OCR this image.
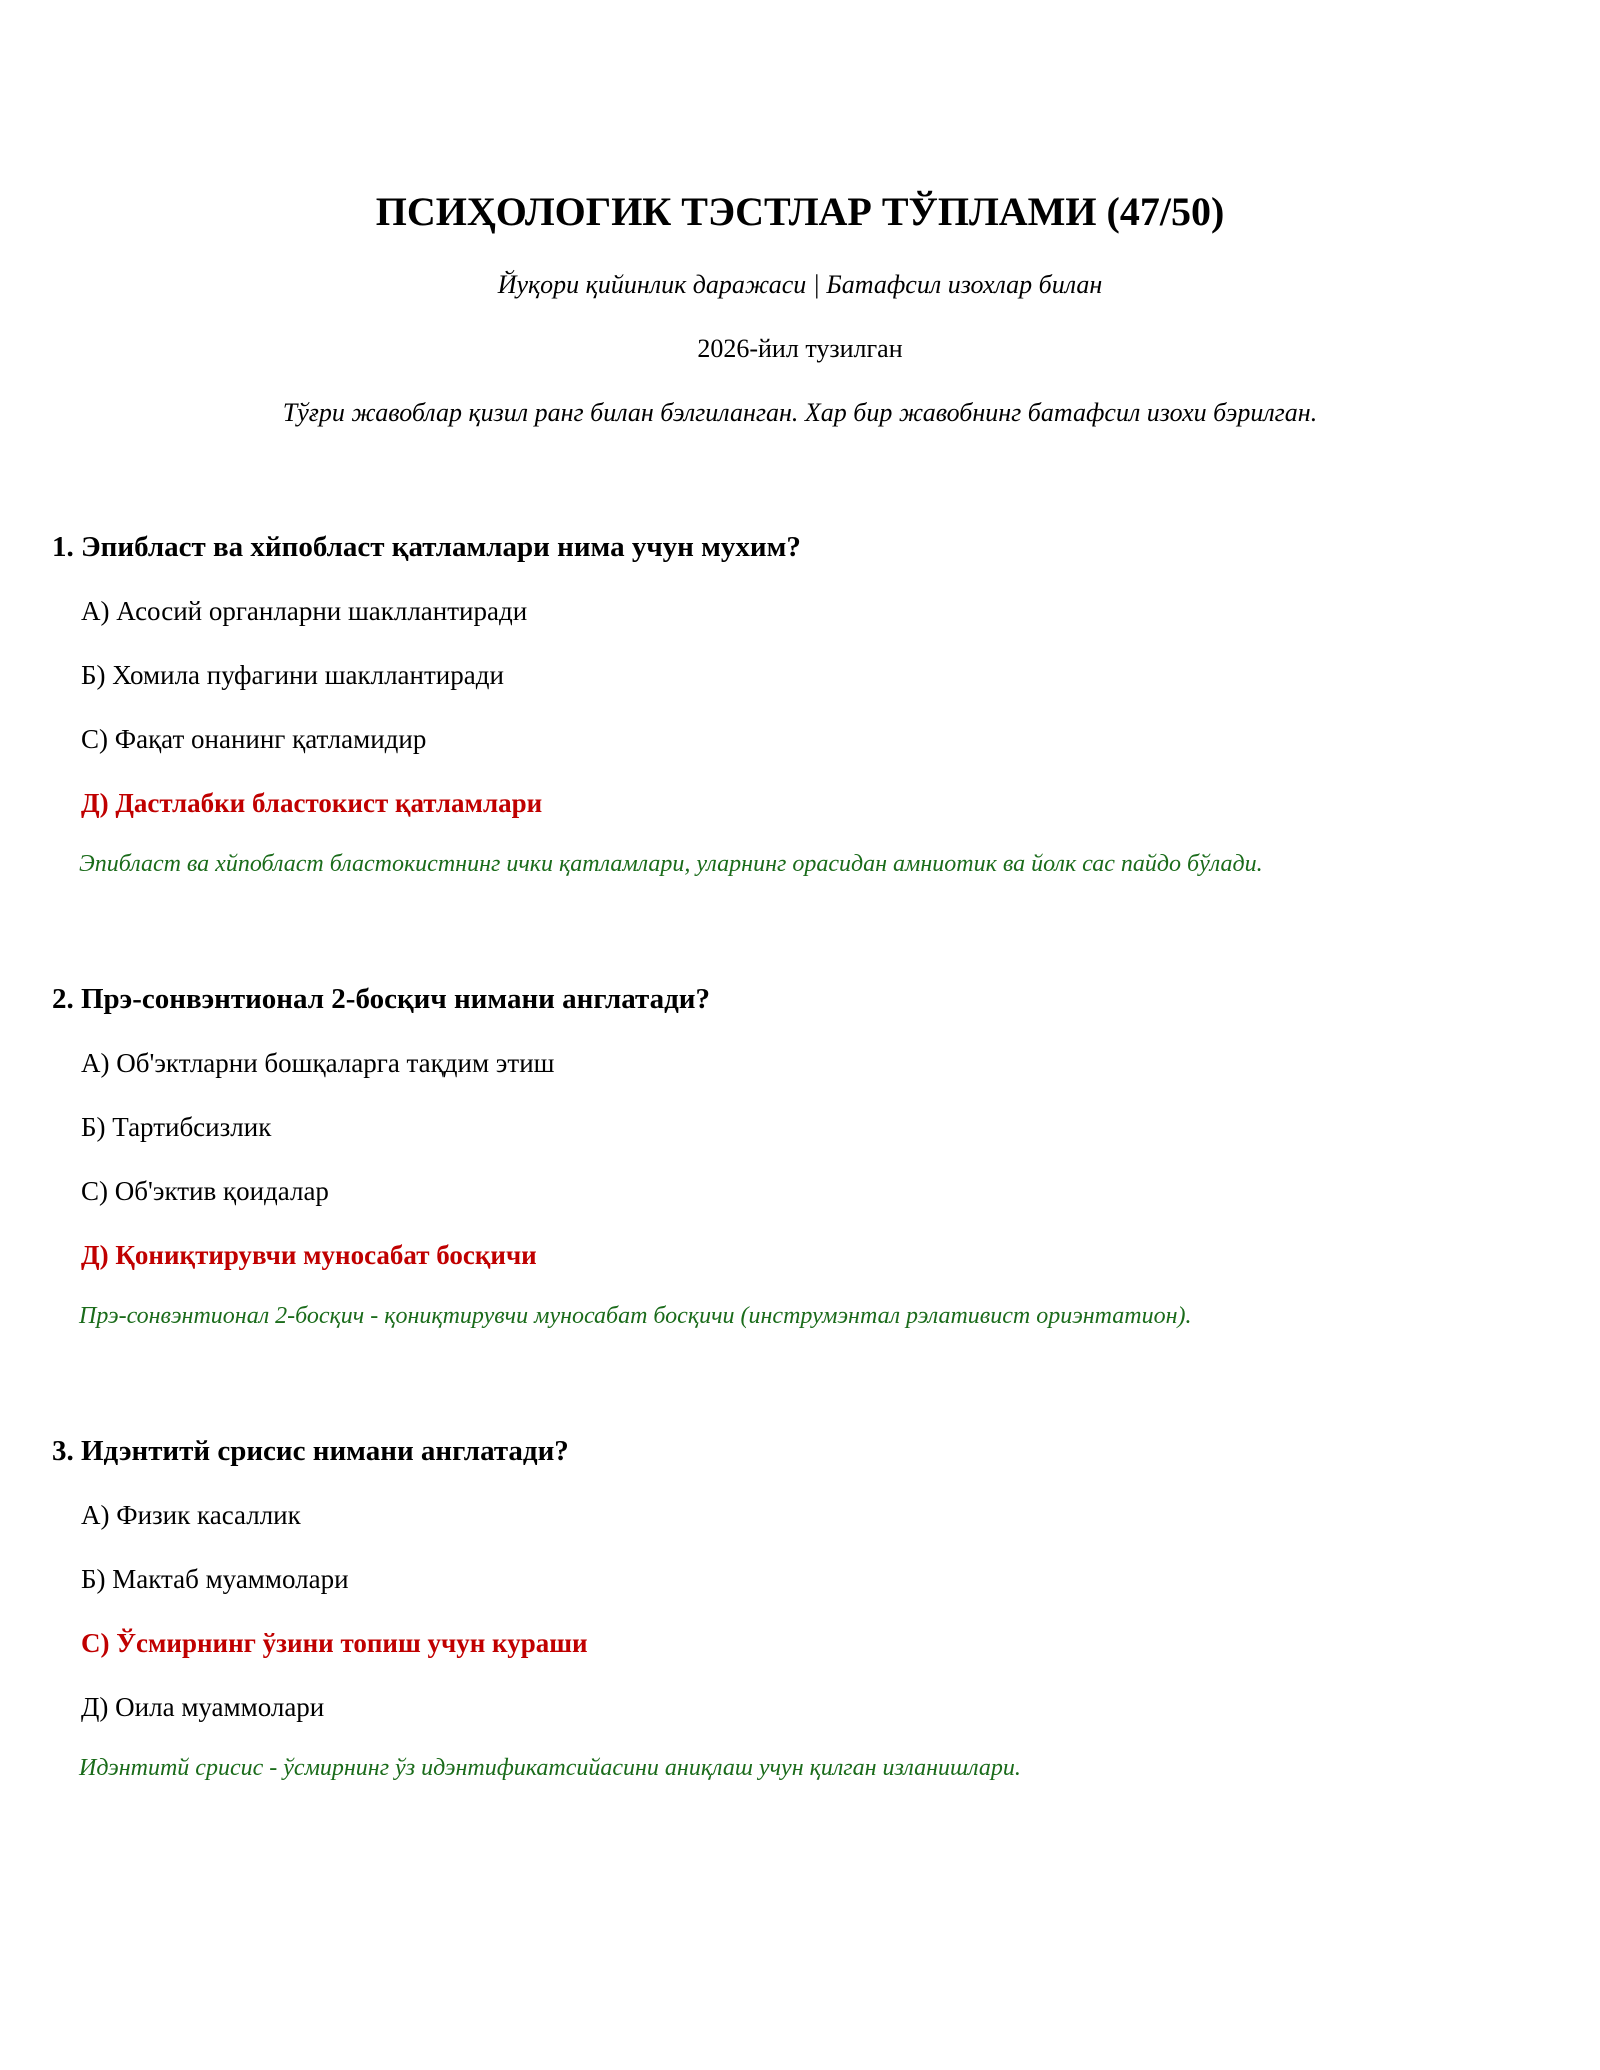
ПСИҲОЛОГИК ТЭСТЛАР ТЎПЛАМИ (47/50)
Йуқори қийинлик даражаси | Батафсил изохлар билан
2026-йил тузилган
Тўғри жавоблар қизил ранг билан бэлгиланган. Хар бир жавобнинг батафсил изохи бэрилган.
1. Эпибласт ва хйпобласт қатламлари нима учун мухим?
А) Асосий органларни шакллантиради
Б) Хомила пуфагини шакллантиради
С) Фақат онанинг қатламидир
Д) Дастлабки бластокист қатламлари
Эпибласт ва хйпобласт бластокистнинг ички қатламлари, уларнинг орасидан амниотик ва йолк сас пайдо бўлади.
2. Прэ-сонвэнтионал 2-босқич нимани англатади?
А) Об'эктларни бошқаларга тақдим этиш
Б) Тартибсизлик
С) Об'эктив қоидалар
Д) Қониқтирувчи муносабат босқичи
Прэ-сонвэнтионал 2-босқич - қониқтирувчи муносабат босқичи (инструмэнтал рэлативист ориэнтатион).
3. Идэнтитй срисис нимани англатади?
А) Физик касаллик
Б) Мактаб муаммолари
С) Ўсмирнинг ўзини топиш учун кураши
Д) Оила муаммолари
Идэнтитй срисис - ўсмирнинг ўз идэнтификатсийасини аниқлаш учун қилган изланишлари.
